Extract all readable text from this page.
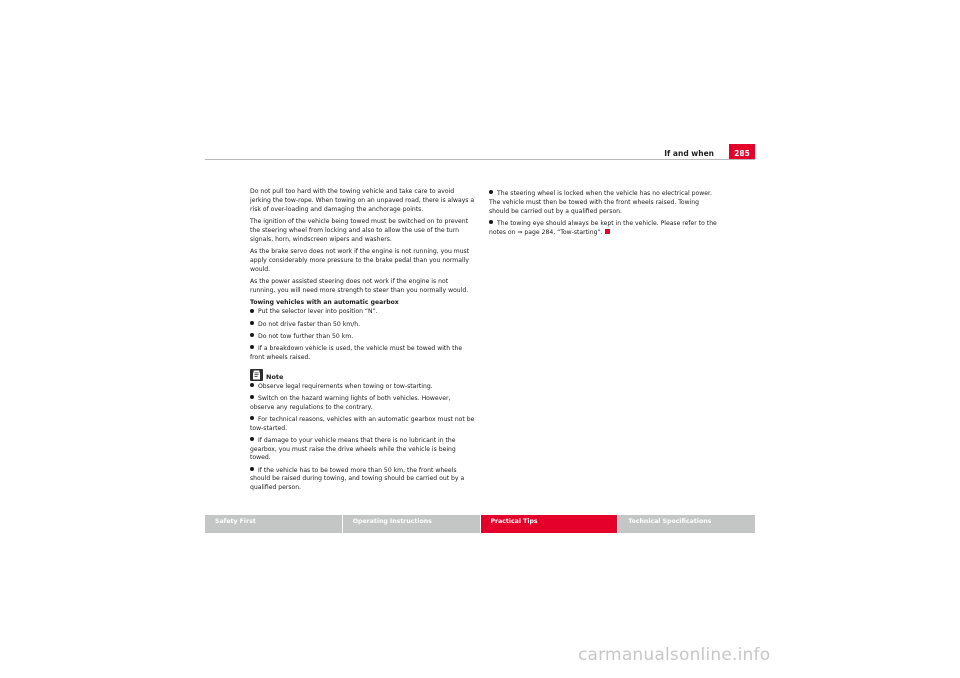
If and when	285

Do not pull too hard with the towing vehicle and take care to avoid jerking the tow-rope. When towing on an unpaved road, there is always a risk of over-loading and damaging the anchorage points.

The ignition of the vehicle being towed must be switched on to prevent the steering wheel from locking and also to allow the use of the turn signals, horn, windscreen wipers and washers.

As the brake servo does not work if the engine is not running, you must apply considerably more pressure to the brake pedal than you normally would.

As the power assisted steering does not work if the engine is not running, you will need more strength to steer than you normally would.

Towing vehicles with an automatic gearbox

Put the selector lever into position “N”.

Do not drive faster than 50 km/h.

Do not tow further than 50 km.

If a breakdown vehicle is used, the vehicle must be towed with the front wheels raised.

Note

Observe legal requirements when towing or tow-starting.

Switch on the hazard warning lights of both vehicles. However, observe any regulations to the contrary.

For technical reasons, vehicles with an automatic gearbox must not be tow-started.

If damage to your vehicle means that there is no lubricant in the gearbox, you must raise the drive wheels while the vehicle is being towed.

If the vehicle has to be towed more than 50 km, the front wheels should be raised during towing, and towing should be carried out by a qualified person.

The steering wheel is locked when the vehicle has no electrical power. The vehicle must then be towed with the front wheels raised. Towing should be carried out by a qualified person.

The towing eye should always be kept in the vehicle. Please refer to the notes on ⇒ page 284, “Tow-starting”.

Safety First	Operating Instructions	Practical Tips	Technical Specifications
carmanualsonline.info
